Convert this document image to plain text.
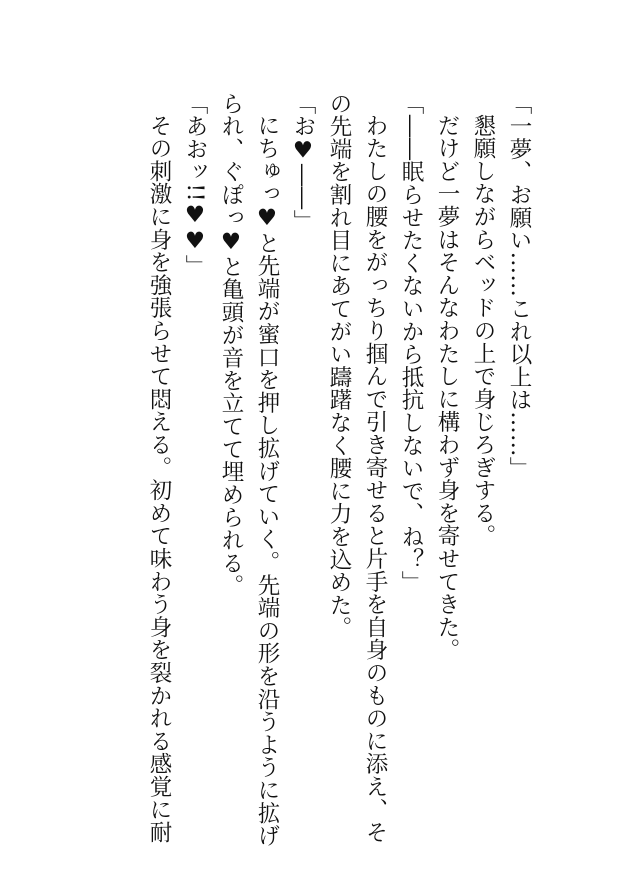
「一夢、お願い……これ以上は……」
懇願しながらベッドの上で身じろぎする。
だけど一夢はそんなわたしに構わず身を寄せてきた。
「――眠らせたくないから抵抗しないで、ね？」
わたしの腰をがっちり掴んで引き寄せると片手を自身のものに添え、そ
の先端を割れ目にあてがい躊躇なく腰に力を込めた。
「お♥――」
にちゅっ♥と先端が蜜口を押し拡げていく。先端の形を沿うように拡げ
られ、ぐぽっ♥と亀頭が音を立てて埋められる。
「あおッ!!♥♥」
その刺激に身を強張らせて悶える。初めて味わう身を裂かれる感覚に耐
